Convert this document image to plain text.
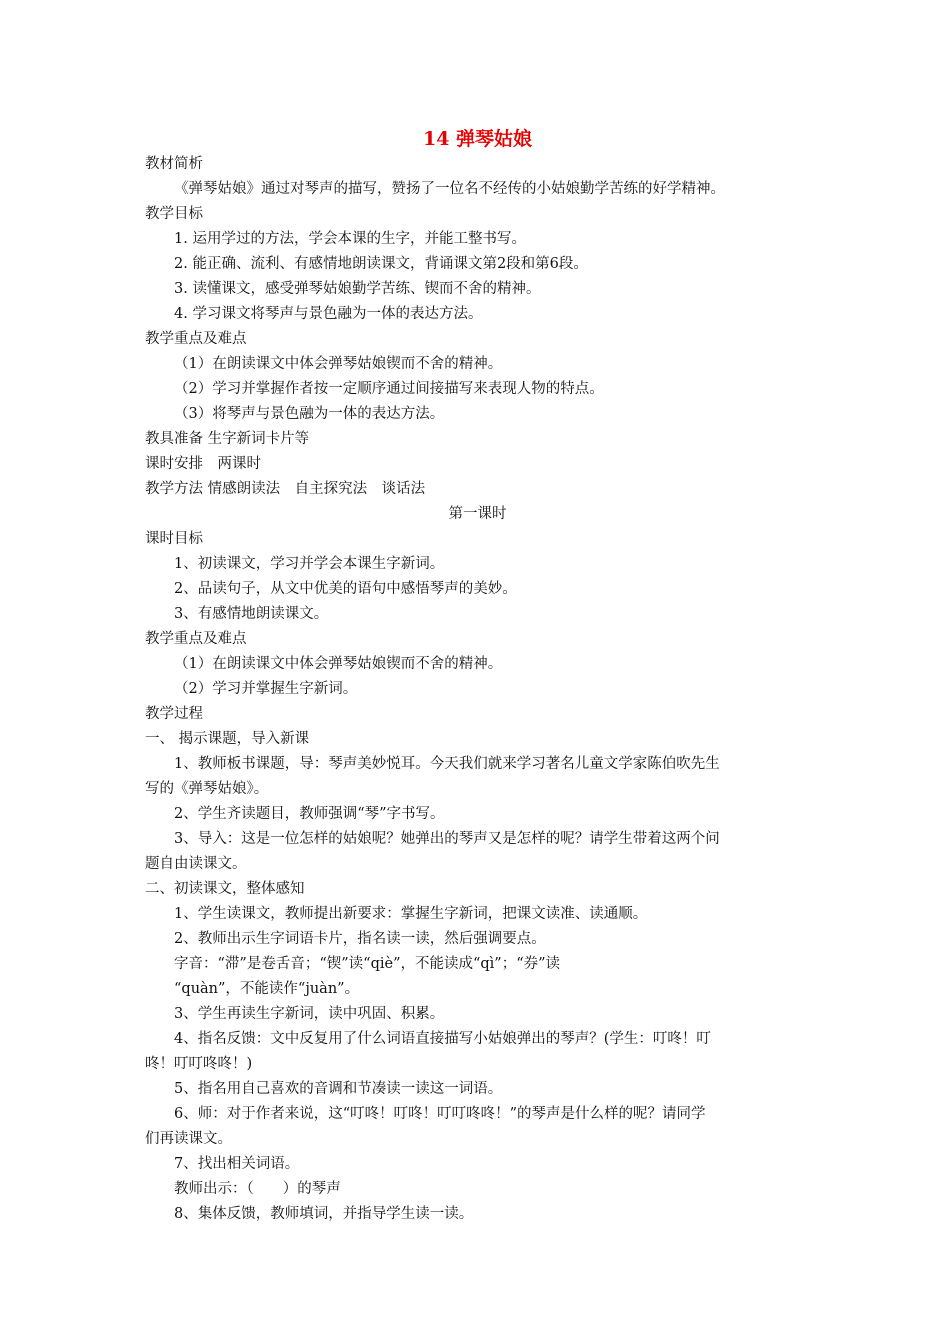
14 弹琴姑娘
教材简析
《弹琴姑娘》通过对琴声的描写，赞扬了一位名不经传的小姑娘勤学苦练的好学精神。
教学目标
1. 运用学过的方法，学会本课的生字，并能工整书写。
2. 能正确、流利、有感情地朗读课文，背诵课文第2段和第6段。
3. 读懂课文，感受弹琴姑娘勤学苦练、锲而不舍的精神。
4. 学习课文将琴声与景色融为一体的表达方法。
教学重点及难点
（1）在朗读课文中体会弹琴姑娘锲而不舍的精神。
（2）学习并掌握作者按一定顺序通过间接描写来表现人物的特点。
（3）将琴声与景色融为一体的表达方法。
教具准备 生字新词卡片等
课时安排　两课时
教学方法 情感朗读法　自主探究法　谈话法
第一课时
课时目标
1、初读课文，学习并学会本课生字新词。
2、品读句子，从文中优美的语句中感悟琴声的美妙。
3、有感情地朗读课文。
教学重点及难点
（1）在朗读课文中体会弹琴姑娘锲而不舍的精神。
（2）学习并掌握生字新词。
教学过程
一、 揭示课题，导入新课
1、教师板书课题，导：琴声美妙悦耳。今天我们就来学习著名儿童文学家陈伯吹先生
写的《弹琴姑娘》。
2、学生齐读题目，教师强调“琴”字书写。
3、导入：这是一位怎样的姑娘呢？她弹出的琴声又是怎样的呢？请学生带着这两个问
题自由读课文。
二、初读课文，整体感知
1、学生读课文，教师提出新要求：掌握生字新词，把课文读准、读通顺。
2、教师出示生字词语卡片，指名读一读，然后强调要点。
字音：“滞”是卷舌音；“锲”读“qiè”，不能读成“qì”；“券”读
“quàn”，不能读作“juàn”。
3、学生再读生字新词，读中巩固、积累。
4、指名反馈：文中反复用了什么词语直接描写小姑娘弹出的琴声？(学生：叮咚！叮
咚！叮叮咚咚！)
5、指名用自己喜欢的音调和节凑读一读这一词语。
6、师：对于作者来说，这“叮咚！叮咚！叮叮咚咚！”的琴声是什么样的呢？请同学
们再读课文。
7、找出相关词语。
教师出示：（　　）的琴声
8、集体反馈，教师填词，并指导学生读一读。
